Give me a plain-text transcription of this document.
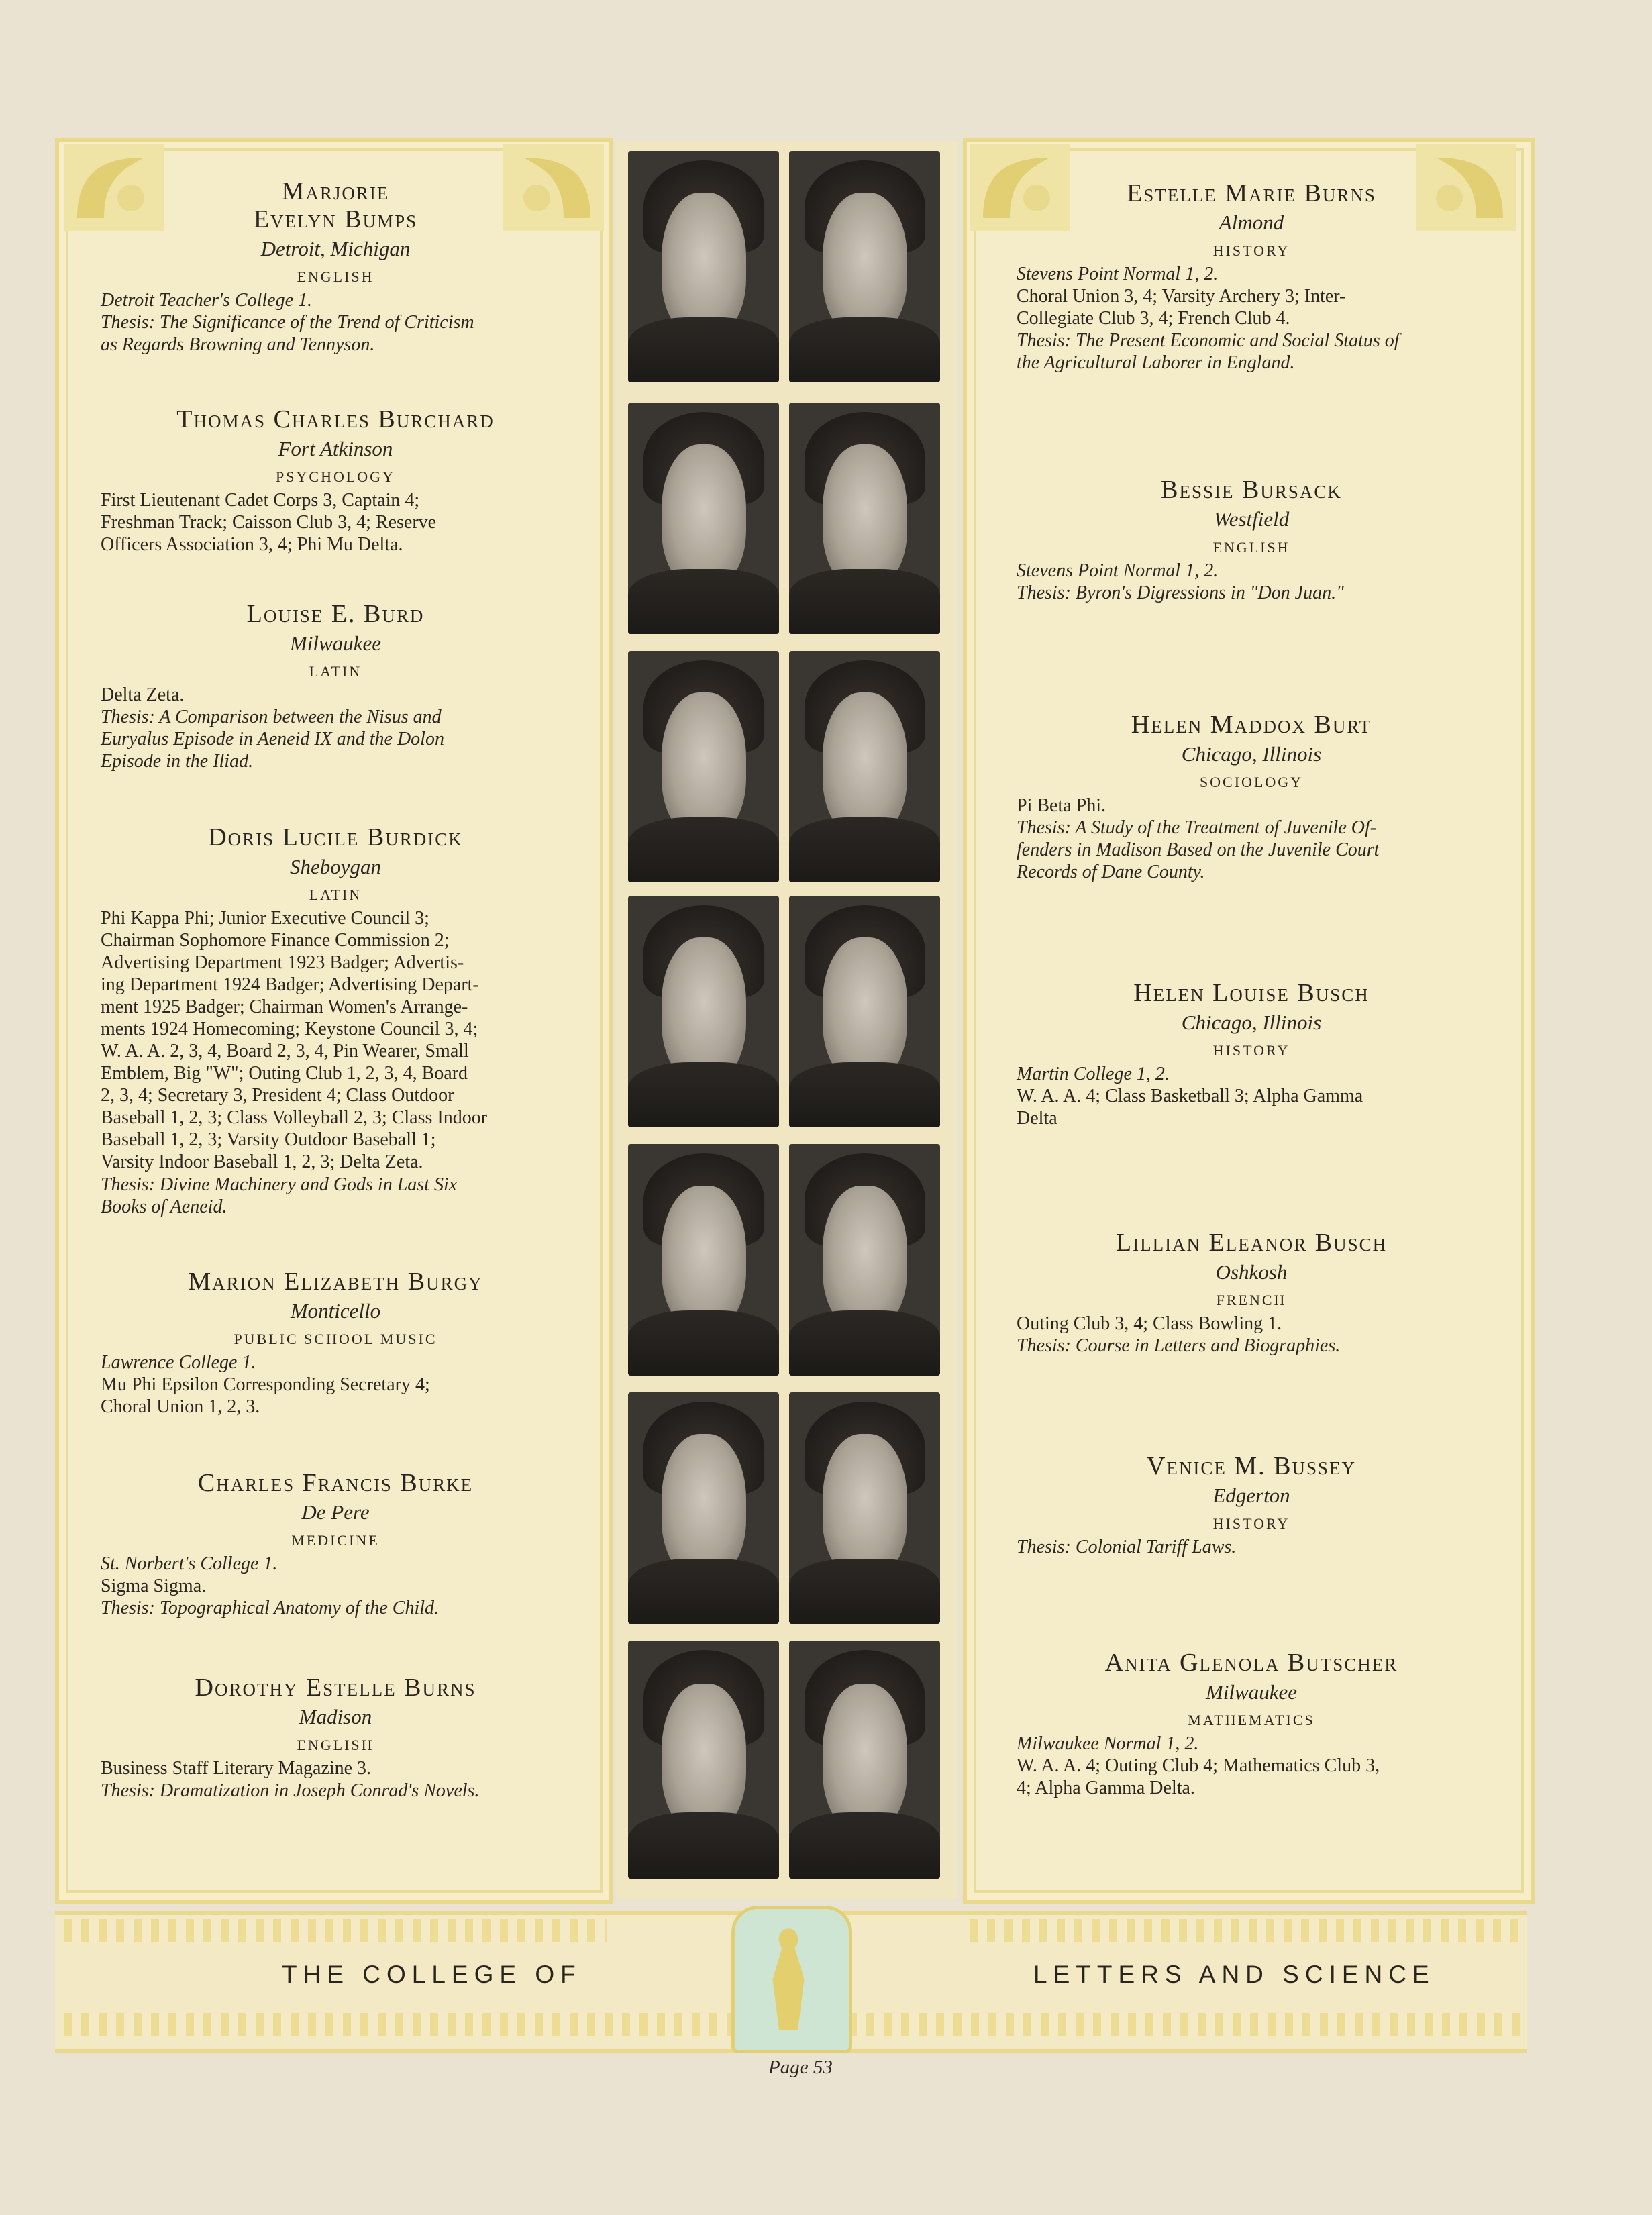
Marjorie
Evelyn Bumps
Detroit, Michigan
ENGLISH
Detroit Teacher's College 1.
Thesis: The Significance of the Trend of Criticism
as Regards Browning and Tennyson.
Thomas Charles Burchard
Fort Atkinson
PSYCHOLOGY
First Lieutenant Cadet Corps 3, Captain 4;
Freshman Track; Caisson Club 3, 4; Reserve
Officers Association 3, 4; Phi Mu Delta.
Louise E. Burd
Milwaukee
LATIN
Delta Zeta.
Thesis: A Comparison between the Nisus and
Euryalus Episode in Aeneid IX and the Dolon
Episode in the Iliad.
Doris Lucile Burdick
Sheboygan
LATIN
Phi Kappa Phi; Junior Executive Council 3;
Chairman Sophomore Finance Commission 2;
Advertising Department 1923 Badger; Advertis-
ing Department 1924 Badger; Advertising Depart-
ment 1925 Badger; Chairman Women's Arrange-
ments 1924 Homecoming; Keystone Council 3, 4;
W. A. A. 2, 3, 4, Board 2, 3, 4, Pin Wearer, Small
Emblem, Big "W"; Outing Club 1, 2, 3, 4, Board
2, 3, 4; Secretary 3, President 4; Class Outdoor
Baseball 1, 2, 3; Class Volleyball 2, 3; Class Indoor
Baseball 1, 2, 3; Varsity Outdoor Baseball 1;
Varsity Indoor Baseball 1, 2, 3; Delta Zeta.
Thesis: Divine Machinery and Gods in Last Six
Books of Aeneid.
Marion Elizabeth Burgy
Monticello
PUBLIC SCHOOL MUSIC
Lawrence College 1.
Mu Phi Epsilon Corresponding Secretary 4;
Choral Union 1, 2, 3.
Charles Francis Burke
De Pere
MEDICINE
St. Norbert's College 1.
Sigma Sigma.
Thesis: Topographical Anatomy of the Child.
Dorothy Estelle Burns
Madison
ENGLISH
Business Staff Literary Magazine 3.
Thesis: Dramatization in Joseph Conrad's Novels.
Estelle Marie Burns
Almond
HISTORY
Stevens Point Normal 1, 2.
Choral Union 3, 4; Varsity Archery 3; Inter-
Collegiate Club 3, 4; French Club 4.
Thesis: The Present Economic and Social Status of
the Agricultural Laborer in England.
Bessie Bursack
Westfield
ENGLISH
Stevens Point Normal 1, 2.
Thesis: Byron's Digressions in "Don Juan."
Helen Maddox Burt
Chicago, Illinois
SOCIOLOGY
Pi Beta Phi.
Thesis: A Study of the Treatment of Juvenile Of-
fenders in Madison Based on the Juvenile Court
Records of Dane County.
Helen Louise Busch
Chicago, Illinois
HISTORY
Martin College 1, 2.
W. A. A. 4; Class Basketball 3; Alpha Gamma
Delta
Lillian Eleanor Busch
Oshkosh
FRENCH
Outing Club 3, 4; Class Bowling 1.
Thesis: Course in Letters and Biographies.
Venice M. Bussey
Edgerton
HISTORY
Thesis: Colonial Tariff Laws.
Anita Glenola Butscher
Milwaukee
MATHEMATICS
Milwaukee Normal 1, 2.
W. A. A. 4; Outing Club 4; Mathematics Club 3,
4; Alpha Gamma Delta.
THE COLLEGE OF	LETTERS AND SCIENCE
Page 53
